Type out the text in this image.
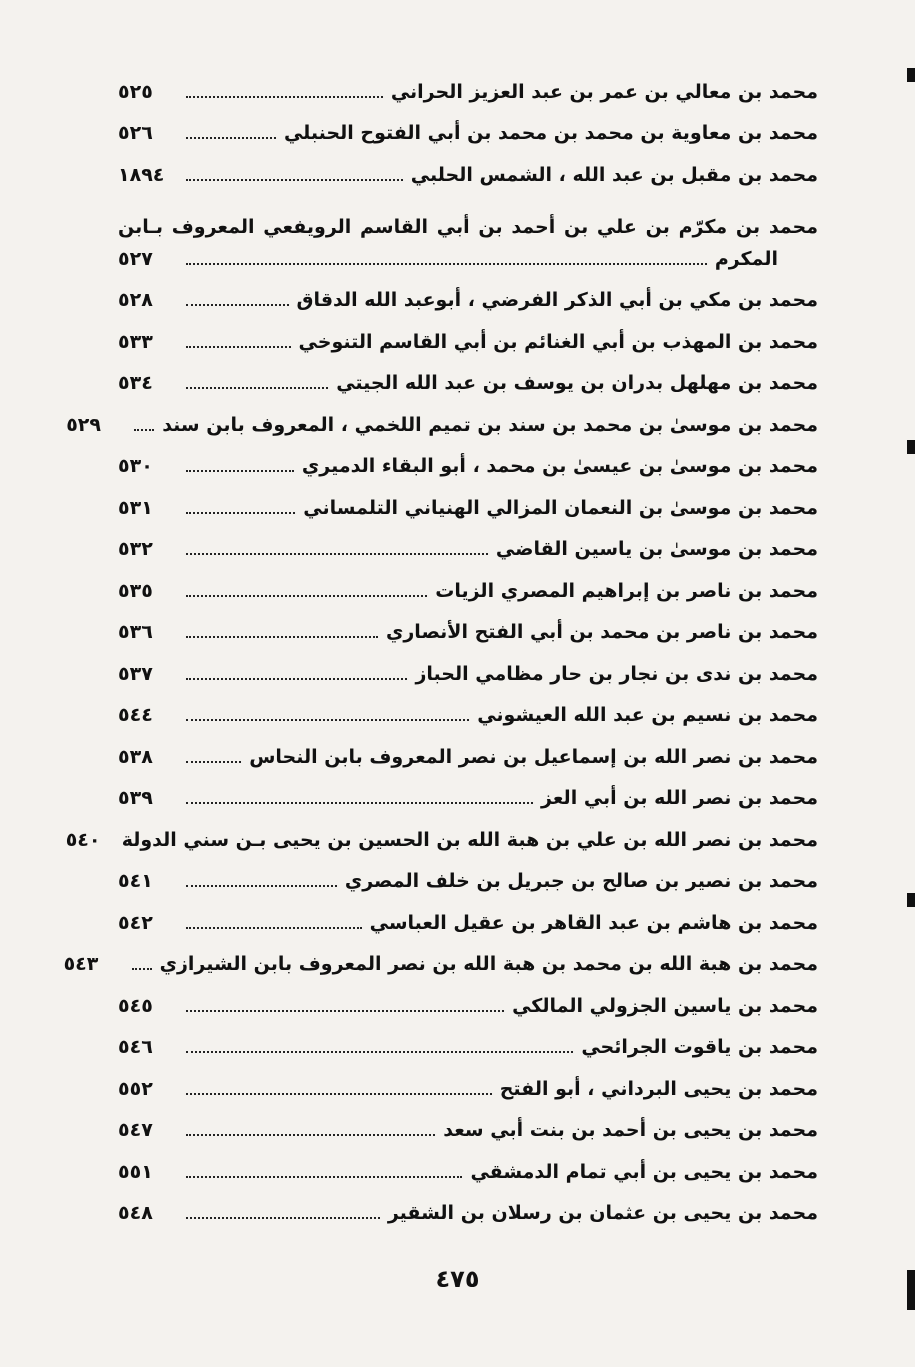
محمد بن معالي بن عمر بن عبد العزيز الحراني
٥٢٥
محمد بن معاوية بن محمد بن محمد بن أبي الفتوح الحنبلي
٥٢٦
محمد بن مقبل بن عبد الله ، الشمس الحلبي
١٨٩٤
محمد بن مكرّم بن علي بن أحمد بن أبي القاسم الرويفعي المعروف بـابن
المكرم
٥٢٧
محمد بن مكي بن أبي الذكر الفرضي ، أبوعبد الله الدقاق
٥٢٨
محمد بن المهذب بن أبي الغنائم بن أبي القاسم التنوخي
٥٣٣
محمد بن مهلهل بدران بن يوسف بن عبد الله الجيتي
٥٣٤
محمد بن موسىٰ بن محمد بن سند بن تميم اللخمي ، المعروف بابن سند
٥٢٩
محمد بن موسىٰ بن عيسىٰ بن محمد ، أبو البقاء الدميري
٥٣٠
محمد بن موسىٰ بن النعمان المزالي الهنياني التلمساني
٥٣١
محمد بن موسىٰ بن ياسين القاضي
٥٣٢
محمد بن ناصر بن إبراهيم المصري الزيات
٥٣٥
محمد بن ناصر بن محمد بن أبي الفتح الأنصاري
٥٣٦
محمد بن ندى بن نجار بن حار مظامي الحباز
٥٣٧
محمد بن نسيم بن عبد الله العيشوني
٥٤٤
محمد بن نصر الله بن إسماعيل بن نصر المعروف بابن النحاس
٥٣٨
محمد بن نصر الله بن أبي العز
٥٣٩
محمد بن نصر الله بن علي بن هبة الله بن الحسين بن يحيى بـن سني الدولة
٥٤٠
محمد بن نصير بن صالح بن جبريل بن خلف المصري
٥٤١
محمد بن هاشم بن عبد القاهر بن عقيل العباسي
٥٤٢
محمد بن هبة الله بن محمد بن هبة الله بن نصر المعروف بابن الشيرازي
٥٤٣
محمد بن ياسين الجزولي المالكي
٥٤٥
محمد بن ياقوت الجرائحي
٥٤٦
محمد بن يحيى البرداني ، أبو الفتح
٥٥٢
محمد بن يحيى بن أحمد بن بنت أبي سعد
٥٤٧
محمد بن يحيى بن أبي تمام الدمشقي
٥٥١
محمد بن يحيى بن عثمان بن رسلان بن الشقير
٥٤٨
٤٧٥
